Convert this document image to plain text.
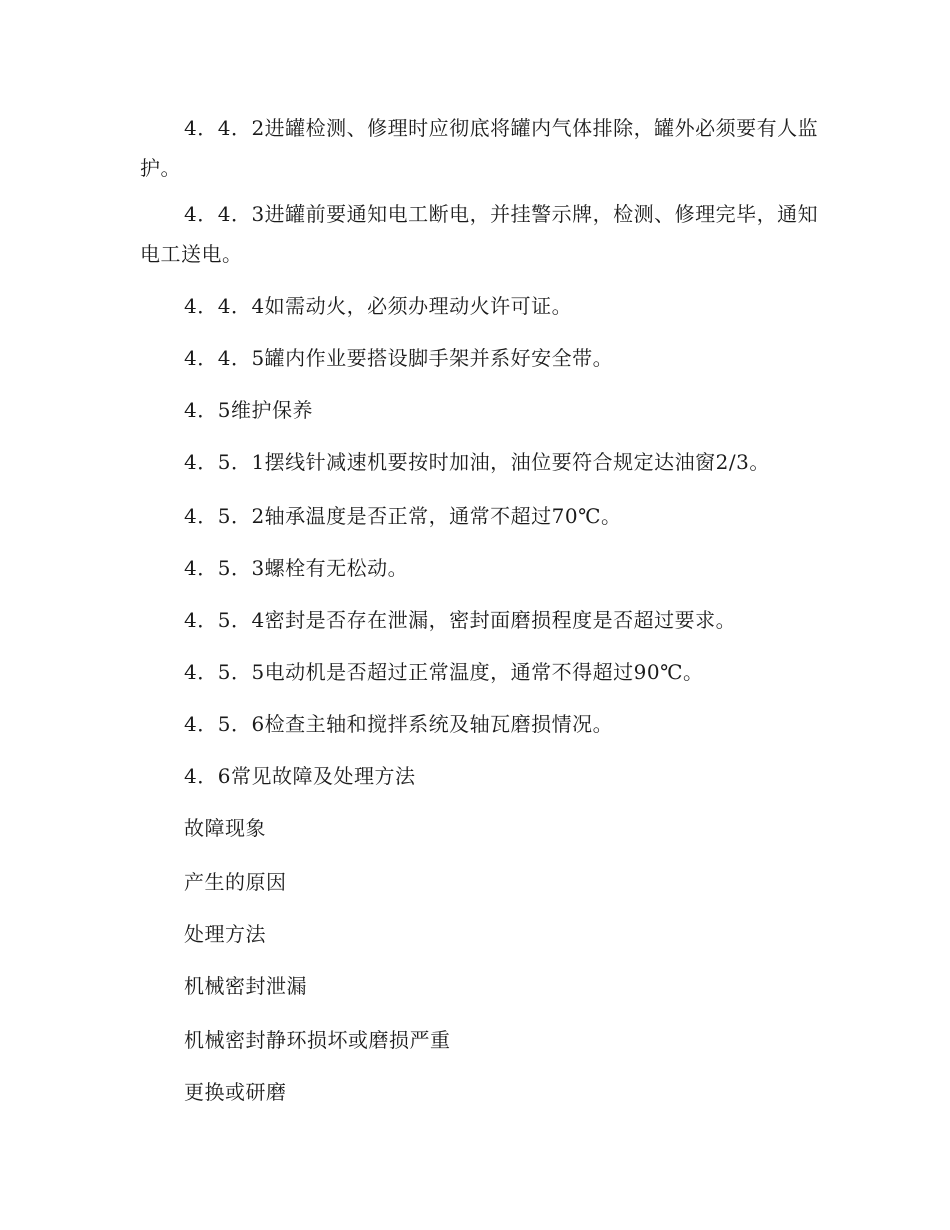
4．4．2进罐检测、修理时应彻底将罐内气体排除，罐外必须要有人监护。

4．4．3进罐前要通知电工断电，并挂警示牌，检测、修理完毕，通知电工送电。

4．4．4如需动火，必须办理动火许可证。

4．4．5罐内作业要搭设脚手架并系好安全带。

4．5维护保养

4．5．1摆线针减速机要按时加油，油位要符合规定达油窗2/3。

4．5．2轴承温度是否正常，通常不超过70℃。

4．5．3螺栓有无松动。

4．5．4密封是否存在泄漏，密封面磨损程度是否超过要求。

4．5．5电动机是否超过正常温度，通常不得超过90℃。

4．5．6检查主轴和搅拌系统及轴瓦磨损情况。

4．6常见故障及处理方法

故障现象

产生的原因

处理方法

机械密封泄漏

机械密封静环损坏或磨损严重

更换或研磨
